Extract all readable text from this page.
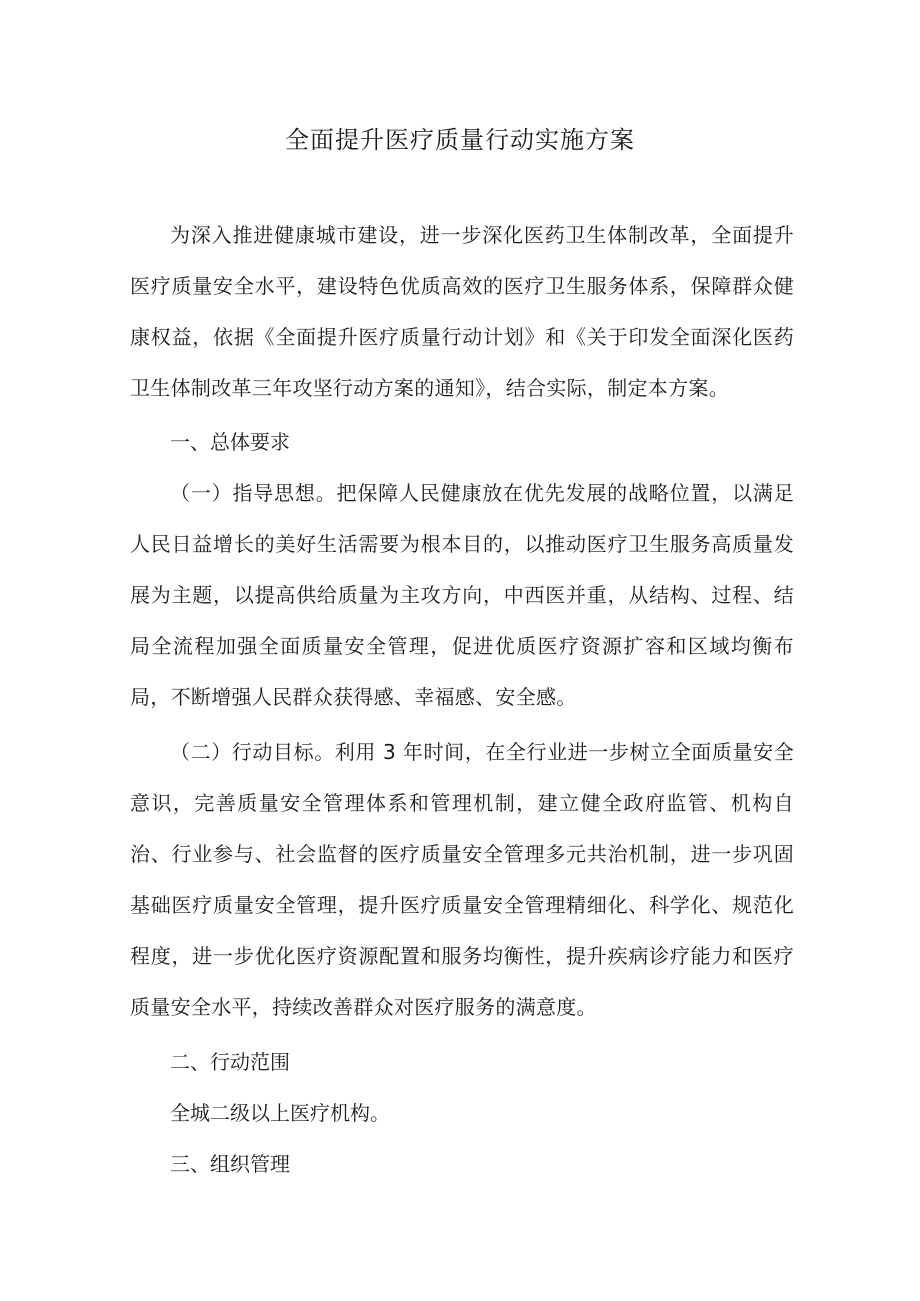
全面提升医疗质量行动实施方案

为深入推进健康城市建设，进一步深化医药卫生体制改革，全面提升医疗质量安全水平，建设特色优质高效的医疗卫生服务体系，保障群众健康权益，依据《全面提升医疗质量行动计划》和《关于印发全面深化医药卫生体制改革三年攻坚行动方案的通知》，结合实际，制定本方案。

一、总体要求

（一）指导思想。把保障人民健康放在优先发展的战略位置，以满足人民日益增长的美好生活需要为根本目的，以推动医疗卫生服务高质量发展为主题，以提高供给质量为主攻方向，中西医并重，从结构、过程、结局全流程加强全面质量安全管理，促进优质医疗资源扩容和区域均衡布局，不断增强人民群众获得感、幸福感、安全感。

（二）行动目标。利用 3 年时间，在全行业进一步树立全面质量安全意识，完善质量安全管理体系和管理机制，建立健全政府监管、机构自治、行业参与、社会监督的医疗质量安全管理多元共治机制，进一步巩固基础医疗质量安全管理，提升医疗质量安全管理精细化、科学化、规范化程度，进一步优化医疗资源配置和服务均衡性，提升疾病诊疗能力和医疗质量安全水平，持续改善群众对医疗服务的满意度。

二、行动范围

全城二级以上医疗机构。

三、组织管理
